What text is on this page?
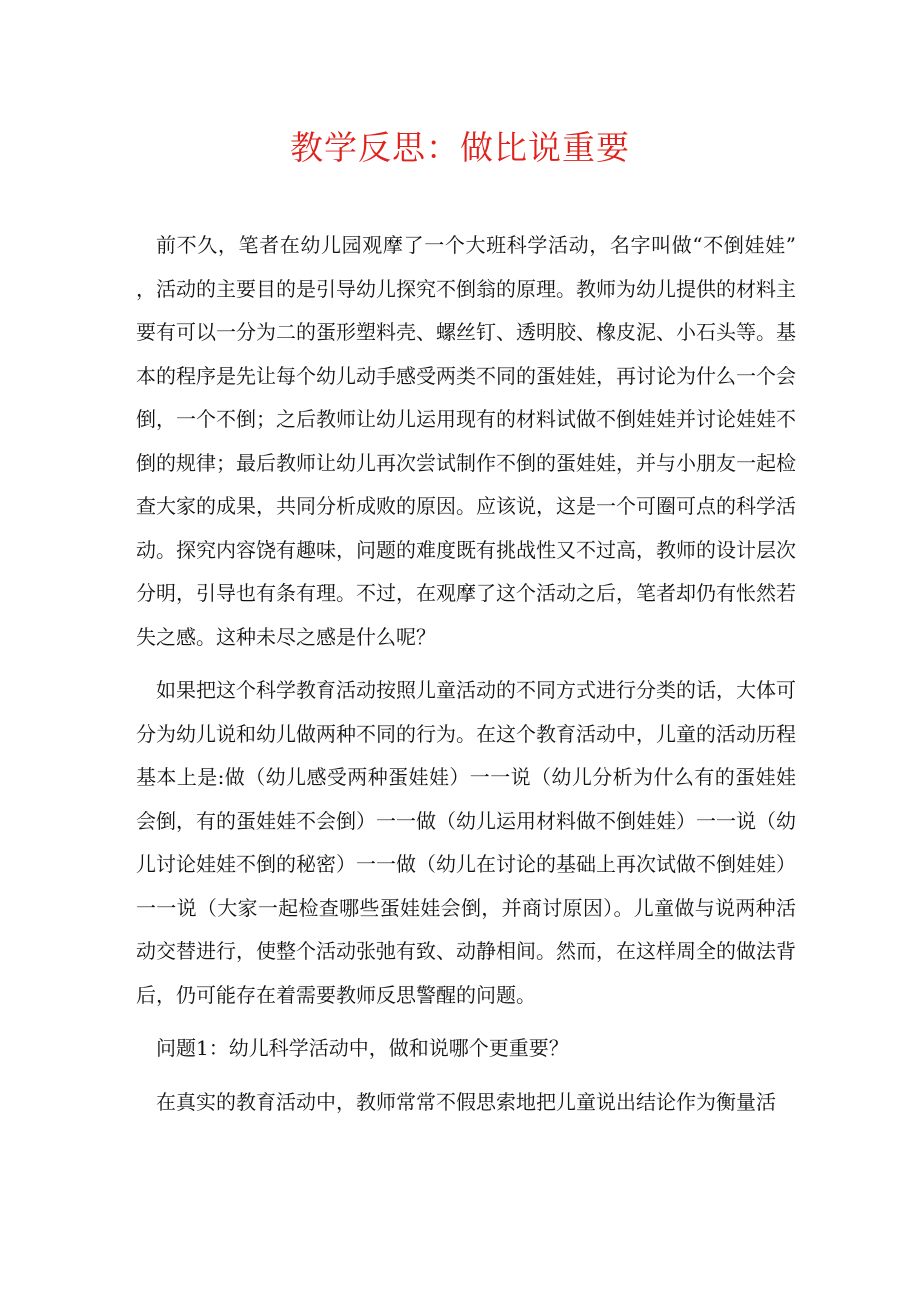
教学反思：做比说重要

前不久，笔者在幼儿园观摩了一个大班科学活动，名字叫做“不倒娃娃”，活动的主要目的是引导幼儿探究不倒翁的原理。教师为幼儿提供的材料主要有可以一分为二的蛋形塑料壳、螺丝钉、透明胶、橡皮泥、小石头等。基本的程序是先让每个幼儿动手感受两类不同的蛋娃娃，再讨论为什么一个会倒，一个不倒；之后教师让幼儿运用现有的材料试做不倒娃娃并讨论娃娃不倒的规律；最后教师让幼儿再次尝试制作不倒的蛋娃娃，并与小朋友一起检查大家的成果，共同分析成败的原因。应该说，这是一个可圈可点的科学活动。探究内容饶有趣味，问题的难度既有挑战性又不过高，教师的设计层次分明，引导也有条有理。不过，在观摩了这个活动之后，笔者却仍有怅然若失之感。这种未尽之感是什么呢？

如果把这个科学教育活动按照儿童活动的不同方式进行分类的话，大体可分为幼儿说和幼儿做两种不同的行为。在这个教育活动中，儿童的活动历程基本上是:做（幼儿感受两种蛋娃娃）一一说（幼儿分析为什么有的蛋娃娃会倒，有的蛋娃娃不会倒）一一做（幼儿运用材料做不倒娃娃）一一说（幼儿讨论娃娃不倒的秘密）一一做（幼儿在讨论的基础上再次试做不倒娃娃）一一说（大家一起检查哪些蛋娃娃会倒，并商讨原因）。儿童做与说两种活动交替进行，使整个活动张弛有致、动静相间。然而，在这样周全的做法背后，仍可能存在着需要教师反思警醒的问题。

问题1：幼儿科学活动中，做和说哪个更重要？

在真实的教育活动中，教师常常不假思索地把儿童说出结论作为衡量活
